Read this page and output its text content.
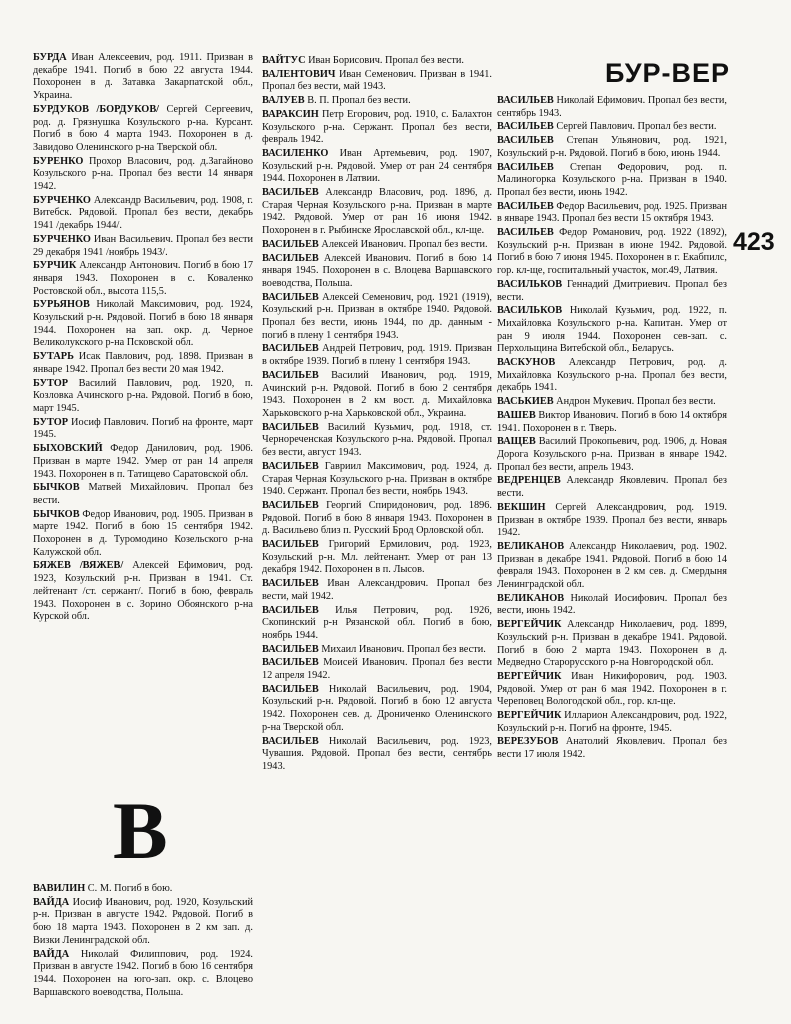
БУР-ВЕР
423
В
БУРДА Иван Алексеевич, род. 1911. Призван в декабре 1941. Погиб в бою 22 августа 1944. Похоронен в д. Затавка Закарпатской обл., Украина.
БУРДУКОВ /БОРДУКОВ/ Сергей Сергеевич, род. д. Грязнушка Козульского р-на. Курсант. Погиб в бою 4 марта 1943. Похоронен в д. Завидово Оленинского р-на Тверской обл.
БУРЕНКО Прохор Власович, род. д.Загайново Козульского р-на. Пропал без вести 14 января 1942.
БУРЧЕНКО Александр Васильевич, род. 1908, г. Витебск. Рядовой. Пропал без вести, декабрь 1941 /декабрь 1944/.
БУРЧЕНКО Иван Васильевич. Пропал без вести 29 декабря 1941 /ноябрь 1943/.
БУРЧИК Александр Антонович. Погиб в бою 17 января 1943. Похоронен в с. Коваленко Ростовской обл., высота 115,5.
БУРЬЯНОВ Николай Максимович, род. 1924, Козульский р-н. Рядовой. Погиб в бою 18 января 1944. Похоронен на зап. окр. д. Черное Великолукского р-на Псковской обл.
БУТАРЬ Исак Павлович, род. 1898. Призван в январе 1942. Пропал без вести 20 мая 1942.
БУТОР Василий Павлович, род. 1920, п. Козловка Ачинского р-на. Рядовой. Погиб в бою, март 1945.
БУТОР Иосиф Павлович. Погиб на фронте, март 1945.
БЫХОВСКИЙ Федор Данилович, род. 1906. Призван в марте 1942. Умер от ран 14 апреля 1943. Похоронен в п. Татищево Саратовской обл.
БЫЧКОВ Матвей Михайлович. Пропал без вести.
БЫЧКОВ Федор Иванович, род. 1905. Призван в марте 1942. Погиб в бою 15 сентября 1942. Похоронен в д. Туромодино Козельского р-на Калужской обл.
БЯЖЕВ /ВЯЖЕВ/ Алексей Ефимович, род. 1923, Козульский р-н. Призван в 1941. Ст. лейтенант /ст. сержант/. Погиб в бою, февраль 1943. Похоронен в с. Зорино Обоянского р-на Курской обл.
ВАВИЛИН С. М. Погиб в бою.
ВАЙДА Иосиф Иванович, род. 1920, Козульский р-н. Призван в августе 1942. Рядовой. Погиб в бою 18 марта 1943. Похоронен в 2 км зап. д. Визки Ленинградской обл.
ВАЙДА Николай Филиппович, род. 1924. Призван в августе 1942. Погиб в бою 16 сентября 1944. Похоронен на юго-зап. окр. с. Влоцево Варшавского воеводства, Польша.
ВАЙТУС Иван Борисович. Пропал без вести.
ВАЛЕНТОВИЧ Иван Семенович. Призван в 1941. Пропал без вести, май 1943.
ВАЛУЕВ В. П. Пропал без вести.
ВАРАКСИН Петр Егорович, род. 1910, с. Балахтон Козульского р-на. Сержант. Пропал без вести, февраль 1942.
ВАСИЛЕНКО Иван Артемьевич, род. 1907, Козульский р-н. Рядовой. Умер от ран 24 сентября 1944. Похоронен в Латвии.
ВАСИЛЬЕВ Александр Власович, род. 1896, д. Старая Черная Козульского р-на. Призван в марте 1942. Рядовой. Умер от ран 16 июня 1942. Похоронен в г. Рыбинске Ярославской обл., кл-ще.
ВАСИЛЬЕВ Алексей Иванович. Пропал без вести.
ВАСИЛЬЕВ Алексей Иванович. Погиб в бою 14 января 1945. Похоронен в с. Влоцева Варшавского воеводства, Польша.
ВАСИЛЬЕВ Алексей Семенович, род. 1921 (1919), Козульский р-н. Призван в октябре 1940. Рядовой. Пропал без вести, июнь 1944, по др. данным - погиб в плену 1 сентября 1943.
ВАСИЛЬЕВ Андрей Петрович, род. 1919. Призван в октябре 1939. Погиб в плену 1 сентября 1943.
ВАСИЛЬЕВ Василий Иванович, род. 1919, Ачинский р-н. Рядовой. Погиб в бою 2 сентября 1943. Похоронен в 2 км вост. д. Михайловка Харьковского р-на Харьковской обл., Украина.
ВАСИЛЬЕВ Василий Кузьмич, род. 1918, ст. Чернореченская Козульского р-на. Рядовой. Пропал без вести, август 1943.
ВАСИЛЬЕВ Гавриил Максимович, род. 1924, д. Старая Черная Козульского р-на. Призван в октябре 1940. Сержант. Пропал без вести, ноябрь 1943.
ВАСИЛЬЕВ Георгий Спиридонович, род. 1896. Рядовой. Погиб в бою 8 января 1943. Похоронен в д. Васильево близ п. Русский Брод Орловской обл.
ВАСИЛЬЕВ Григорий Ермилович, род. 1923, Козульский р-н. Мл. лейтенант. Умер от ран 13 декабря 1942. Похоронен в п. Лысов.
ВАСИЛЬЕВ Иван Александрович. Пропал без вести, май 1942.
ВАСИЛЬЕВ Илья Петрович, род. 1926, Скопинский р-н Рязанской обл. Погиб в бою, ноябрь 1944.
ВАСИЛЬЕВ Михаил Иванович. Пропал без вести.
ВАСИЛЬЕВ Моисей Иванович. Пропал без вести 12 апреля 1942.
ВАСИЛЬЕВ Николай Васильевич, род. 1904, Козульский р-н. Рядовой. Погиб в бою 12 августа 1942. Похоронен сев. д. Дрониченко Оленинского р-на Тверской обл.
ВАСИЛЬЕВ Николай Васильевич, род. 1923, Чувашия. Рядовой. Пропал без вести, сентябрь 1943.
ВАСИЛЬЕВ Николай Ефимович. Пропал без вести, сентябрь 1943.
ВАСИЛЬЕВ Сергей Павлович. Пропал без вести.
ВАСИЛЬЕВ Степан Ульянович, род. 1921, Козульский р-н. Рядовой. Погиб в бою, июнь 1944.
ВАСИЛЬЕВ Степан Федорович, род. п. Малиногорка Козульского р-на. Призван в 1940. Пропал без вести, июнь 1942.
ВАСИЛЬЕВ Федор Васильевич, род. 1925. Призван в январе 1943. Пропал без вести 15 октября 1943.
ВАСИЛЬЕВ Федор Романович, род. 1922 (1892), Козульский р-н. Призван в июне 1942. Рядовой. Погиб в бою 7 июня 1945. Похоронен в г. Екабпилс, гор. кл-ще, госпитальный участок, мог.49, Латвия.
ВАСИЛЬКОВ Геннадий Дмитриевич. Пропал без вести.
ВАСИЛЬКОВ Николай Кузьмич, род. 1922, п. Михайловка Козульского р-на. Капитан. Умер от ран 9 июля 1944. Похоронен сев-зап. с. Перхольщина Витебской обл., Беларусь.
ВАСКУНОВ Александр Петрович, род. д. Михайловка Козульского р-на. Пропал без вести, декабрь 1941.
ВАСЬКИЕВ Андрон Мукевич. Пропал без вести.
ВАШЕВ Виктор Иванович. Погиб в бою 14 октября 1941. Похоронен в г. Тверь.
ВАЩЕВ Василий Прокопьевич, род. 1906, д. Новая Дорога Козульского р-на. Призван в январе 1942. Пропал без вести, апрель 1943.
ВЕДРЕНЦЕВ Александр Яковлевич. Пропал без вести.
ВЕКШИН Сергей Александрович, род. 1919. Призван в октябре 1939. Пропал без вести, январь 1942.
ВЕЛИКАНОВ Александр Николаевич, род. 1902. Призван в декабре 1941. Рядовой. Погиб в бою 14 февраля 1943. Похоронен в 2 км сев. д. Смердыня Ленинградской обл.
ВЕЛИКАНОВ Николай Иосифович. Пропал без вести, июнь 1942.
ВЕРГЕЙЧИК Александр Николаевич, род. 1899, Козульский р-н. Призван в декабре 1941. Рядовой. Погиб в бою 2 марта 1943. Похоронен в д. Медведно Старорусского р-на Новгородской обл.
ВЕРГЕЙЧИК Иван Никифорович, род. 1903. Рядовой. Умер от ран 6 мая 1942. Похоронен в г. Череповец Вологодской обл., гор. кл-ще.
ВЕРГЕЙЧИК Илларион Александрович, род. 1922, Козульский р-н. Погиб на фронте, 1945.
ВЕРЕЗУБОВ Анатолий Яковлевич. Пропал без вести 17 июля 1942.
